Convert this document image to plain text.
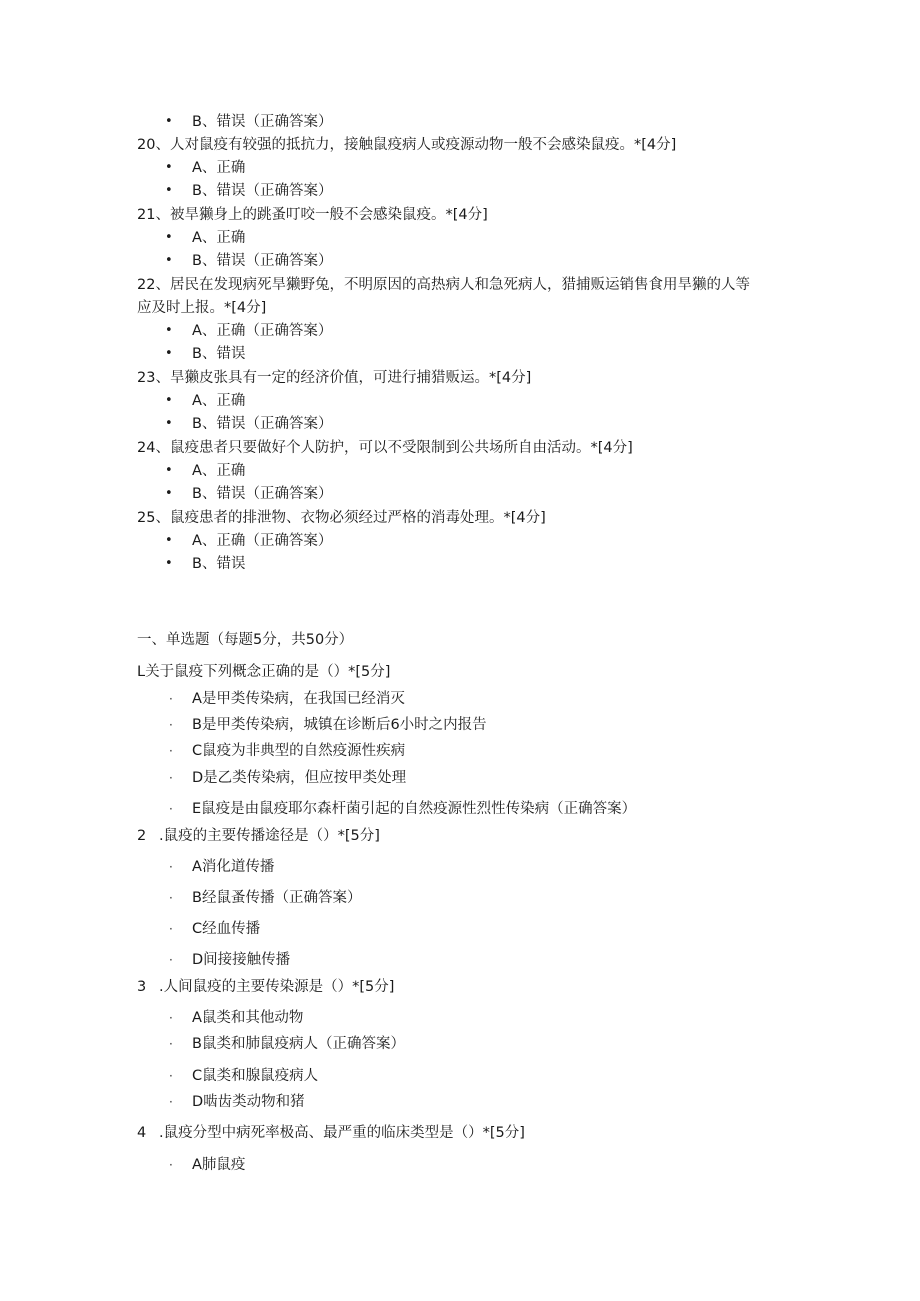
• B、错误（正确答案）
20、人对鼠疫有较强的抵抗力，接触鼠疫病人或疫源动物一般不会感染鼠疫。*[4分]
• A、正确
• B、错误（正确答案）
21、被旱獭身上的跳蚤叮咬一般不会感染鼠疫。*[4分]
• A、正确
• B、错误（正确答案）
22、居民在发现病死旱獭野兔，不明原因的高热病人和急死病人，猎捕贩运销售食用旱獭的人等
应及时上报。*[4分]
• A、正确（正确答案）
• B、错误
23、旱獭皮张具有一定的经济价值，可进行捕猎贩运。*[4分]
• A、正确
• B、错误（正确答案）
24、鼠疫患者只要做好个人防护，可以不受限制到公共场所自由活动。*[4分]
• A、正确
• B、错误（正确答案）
25、鼠疫患者的排泄物、衣物必须经过严格的消毒处理。*[4分]
• A、正确（正确答案）
• B、错误
一、单选题（每题5分，共50分）
L关于鼠疫下列概念正确的是（）*[5分]
· A是甲类传染病，在我国已经消灭
· B是甲类传染病，城镇在诊断后6小时之内报告
· C鼠疫为非典型的自然疫源性疾病
· D是乙类传染病，但应按甲类处理
· E鼠疫是由鼠疫耶尔森杆菌引起的自然疫源性烈性传染病（正确答案）
2 .鼠疫的主要传播途径是（）*[5分]
· A消化道传播
· B经鼠蚤传播（正确答案）
· C经血传播
· D间接接触传播
3 .人间鼠疫的主要传染源是（）*[5分]
· A鼠类和其他动物
· B鼠类和肺鼠疫病人（正确答案）
· C鼠类和腺鼠疫病人
· D啮齿类动物和猪
4 .鼠疫分型中病死率极高、最严重的临床类型是（）*[5分]
· A肺鼠疫
